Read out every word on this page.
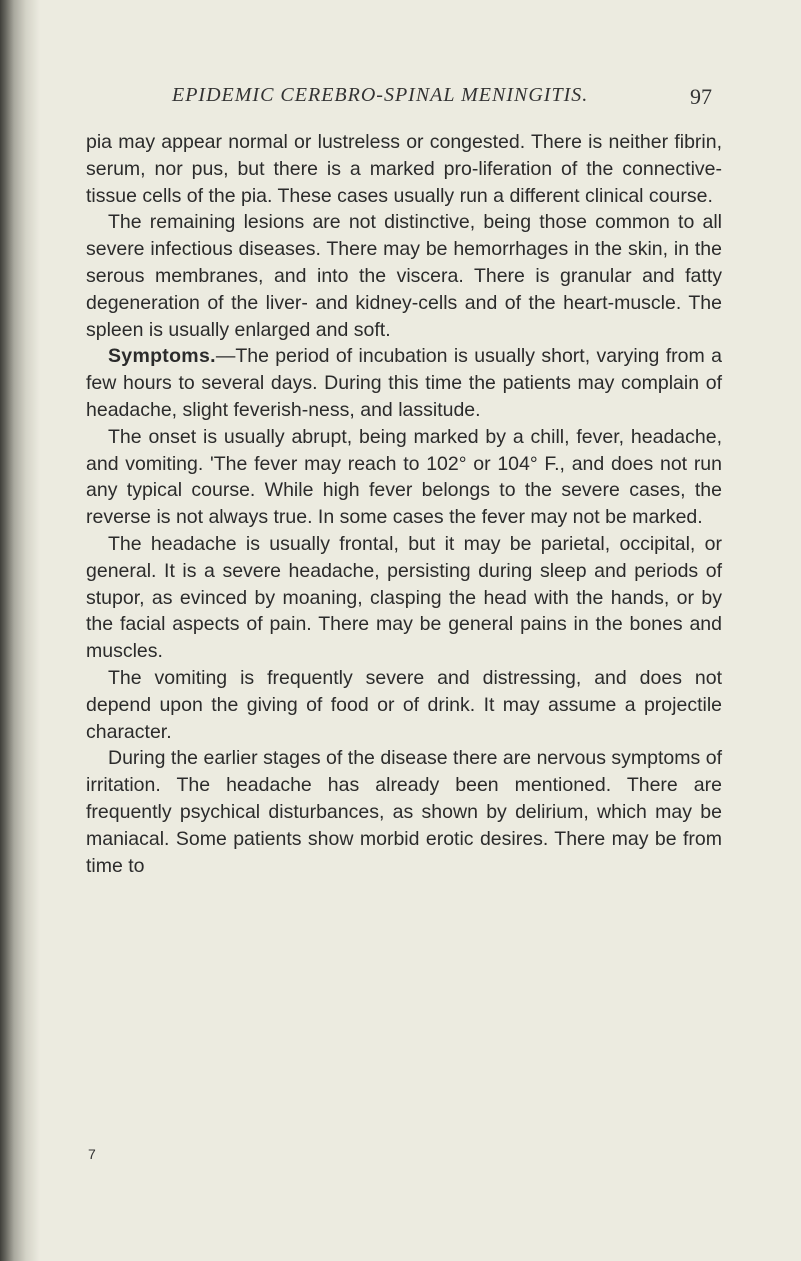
EPIDEMIC CEREBRO-SPINAL MENINGITIS.	97

pia may appear normal or lustreless or congested. There is neither fibrin, serum, nor pus, but there is a marked pro-liferation of the connective-tissue cells of the pia. These cases usually run a different clinical course.

The remaining lesions are not distinctive, being those common to all severe infectious diseases. There may be hemorrhages in the skin, in the serous membranes, and into the viscera. There is granular and fatty degeneration of the liver- and kidney-cells and of the heart-muscle. The spleen is usually enlarged and soft.

Symptoms.—The period of incubation is usually short, varying from a few hours to several days. During this time the patients may complain of headache, slight feverish-ness, and lassitude.

The onset is usually abrupt, being marked by a chill, fever, headache, and vomiting. 'The fever may reach to 102° or 104° F., and does not run any typical course. While high fever belongs to the severe cases, the reverse is not always true. In some cases the fever may not be marked.

The headache is usually frontal, but it may be parietal, occipital, or general. It is a severe headache, persisting during sleep and periods of stupor, as evinced by moaning, clasping the head with the hands, or by the facial aspects of pain. There may be general pains in the bones and muscles.

The vomiting is frequently severe and distressing, and does not depend upon the giving of food or of drink. It may assume a projectile character.

During the earlier stages of the disease there are nervous symptoms of irritation. The headache has already been mentioned. There are frequently psychical disturbances, as shown by delirium, which may be maniacal. Some patients show morbid erotic desires. There may be from time to

7
